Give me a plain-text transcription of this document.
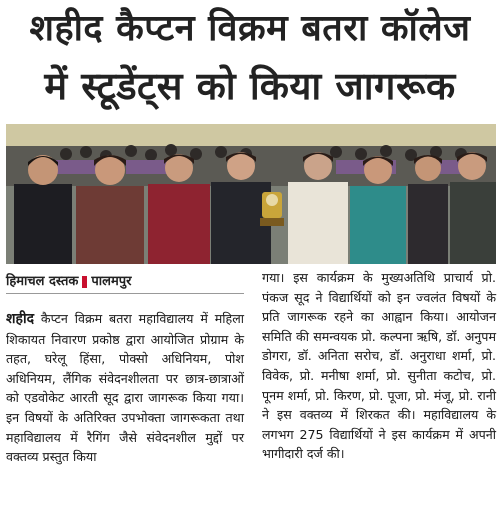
शहीद कैप्टन विक्रम बतरा कॉलेज
में स्टूडेंट्स को किया जागरूक
हिमाचल दस्तक पालमपुर

शहीद कैप्टन विक्रम बतरा महाविद्यालय में महिला शिकायत निवारण प्रकोष्ठ द्वारा आयोजित प्रोग्राम के तहत, घरेलू हिंसा, पोक्सो अधिनियम, पोश अधिनियम, लैंगिक संवेदनशीलता पर छात्र-छात्राओं को एडवोकेट आरती सूद द्वारा जागरूक किया गया। इन विषयों के अतिरिक्त उपभोक्ता जागरूकता तथा महाविद्यालय में रैगिंग जैसे संवेदनशील मुद्दों पर वक्तव्य प्रस्तुत किया

गया। इस कार्यक्रम के मुख्यअतिथि प्राचार्य प्रो. पंकज सूद ने विद्यार्थियों को इन ज्वलंत विषयों के प्रति जागरूक रहने का आह्वान किया। आयोजन समिति की समन्वयक प्रो. कल्पना ऋषि, डॉ. अनुपम डोगरा, डॉ. अनिता सरोच, डॉ. अनुराधा शर्मा, प्रो. विवेक, प्रो. मनीषा शर्मा, प्रो. सुनीता कटोच, प्रो. पूनम शर्मा, प्रो. किरण, प्रो. पूजा, प्रो. मंजू, प्रो. रानी ने इस वक्तव्य में शिरकत की। महाविद्यालय के लगभग 275 विद्यार्थियों ने इस कार्यक्रम में अपनी भागीदारी दर्ज की।
